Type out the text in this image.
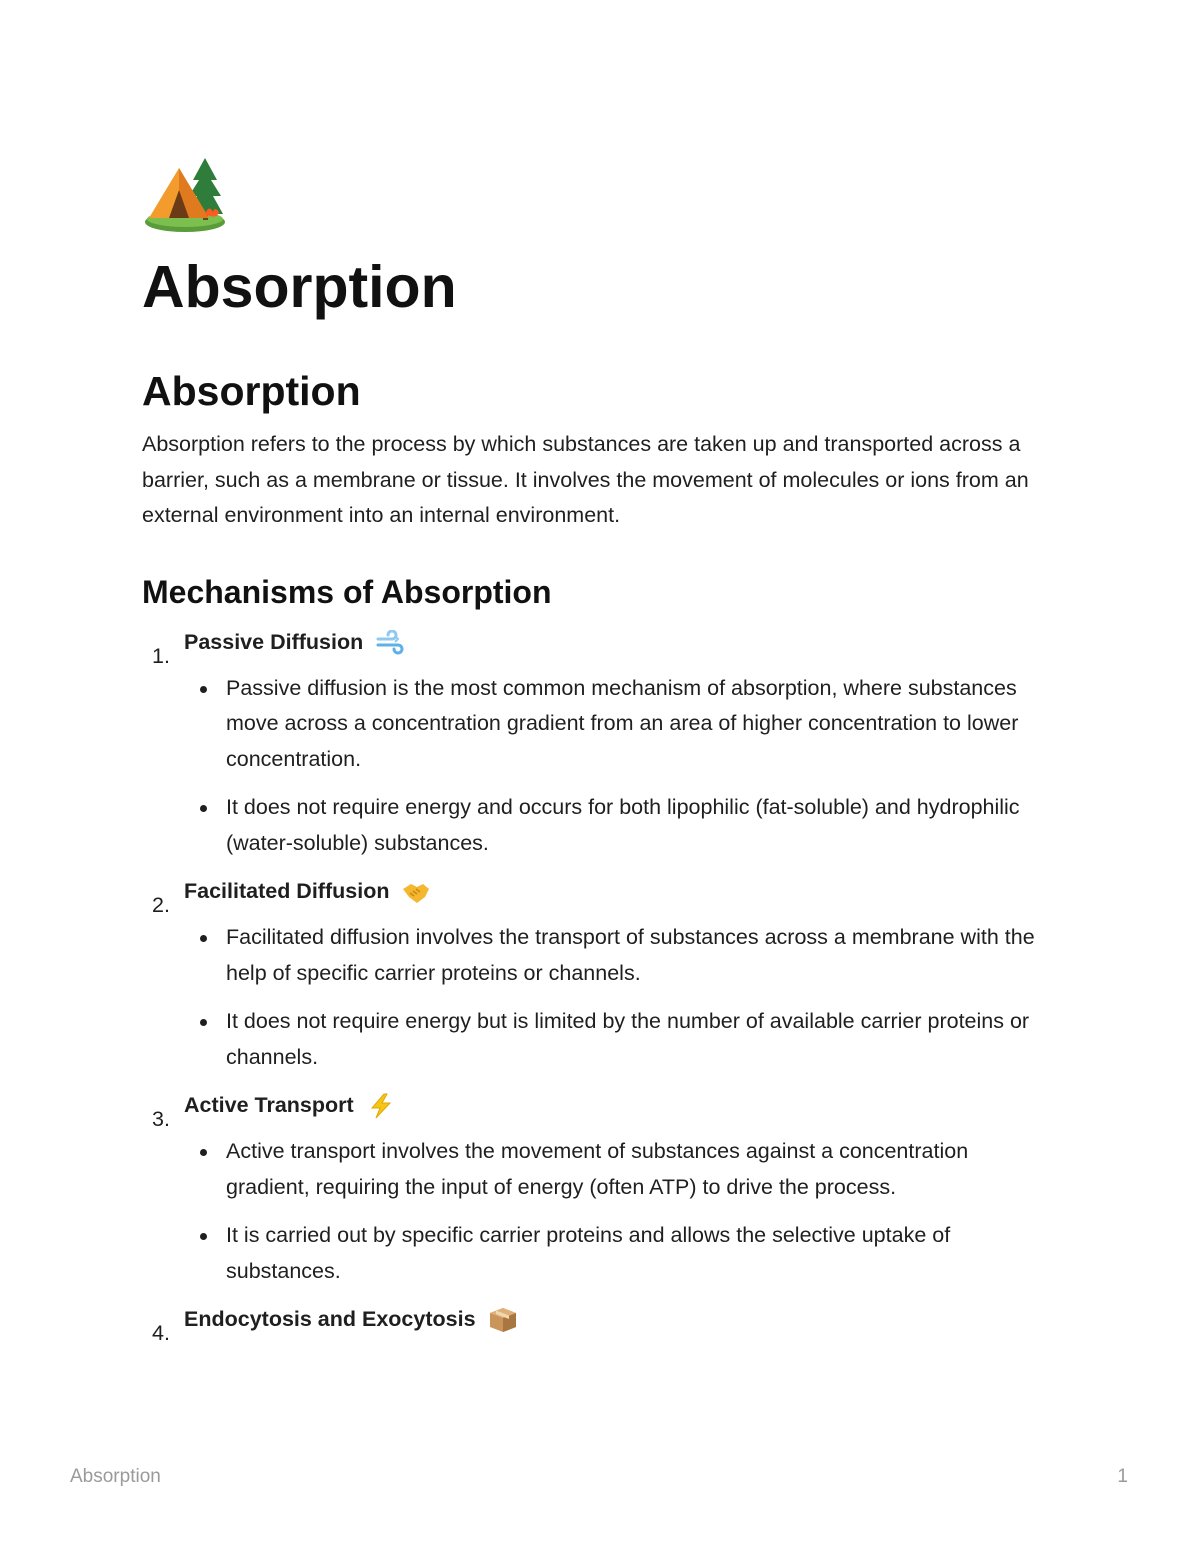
Absorption
Absorption

Absorption refers to the process by which substances are taken up and transported across a barrier, such as a membrane or tissue. It involves the movement of molecules or ions from an external environment into an internal environment.

Mechanisms of Absorption
1.
Passive Diffusion
Passive diffusion is the most common mechanism of absorption, where substances move across a concentration gradient from an area of higher concentration to lower concentration.
It does not require energy and occurs for both lipophilic (fat-soluble) and hydrophilic (water-soluble) substances.
2.
Facilitated Diffusion
Facilitated diffusion involves the transport of substances across a membrane with the help of specific carrier proteins or channels.
It does not require energy but is limited by the number of available carrier proteins or channels.
3.
Active Transport
Active transport involves the movement of substances against a concentration gradient, requiring the input of energy (often ATP) to drive the process.
It is carried out by specific carrier proteins and allows the selective uptake of substances.
4.
Endocytosis and Exocytosis
Absorption	1
